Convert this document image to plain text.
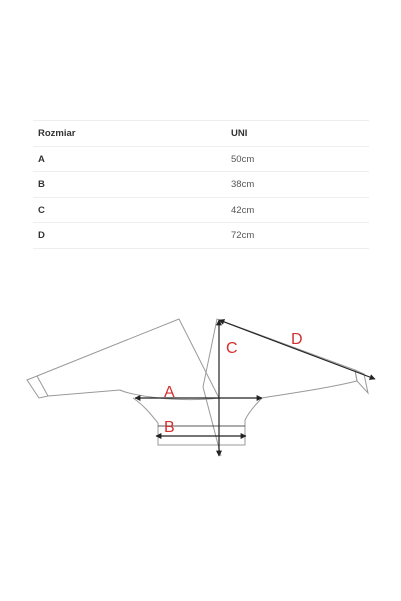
Rozmiar	UNI
A	50cm
B	38cm
C	42cm
D	72cm
A
B
C
D
